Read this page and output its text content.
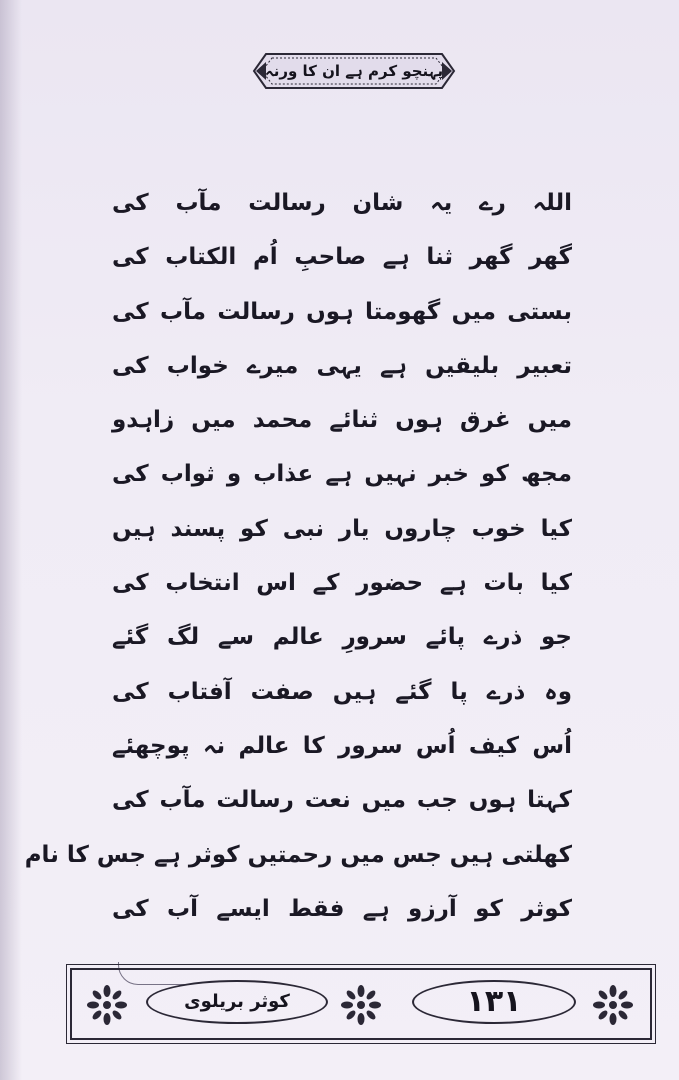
پہنچو کرم ہے ان کا ورنہ
اللہ رے یہ شان رسالت مآب کی
گھر گھر ثنا ہے صاحبِ اُم الکتاب کی
بستی میں گھومتا ہوں رسالت مآب کی
تعبیر بلیقیں ہے یہی میرے خواب کی
میں غرق ہوں ثنائے محمد میں زاہدو
مجھ کو خبر نہیں ہے عذاب و ثواب کی
کیا خوب چاروں یار نبی کو پسند ہیں
کیا بات ہے حضور کے اس انتخاب کی
جو ذرے پائے سرورِ عالم سے لگ گئے
وہ ذرے پا گئے ہیں صفت آفتاب کی
اُس کیف اُس سرور کا عالم نہ پوچھئے
کہتا ہوں جب میں نعت رسالت مآب کی
کھلتی ہیں جس میں رحمتیں کوثر ہے جس کا نام
کوثر کو آرزو ہے فقط ایسے آب کی
کوثر بریلوی	۱۳۱
